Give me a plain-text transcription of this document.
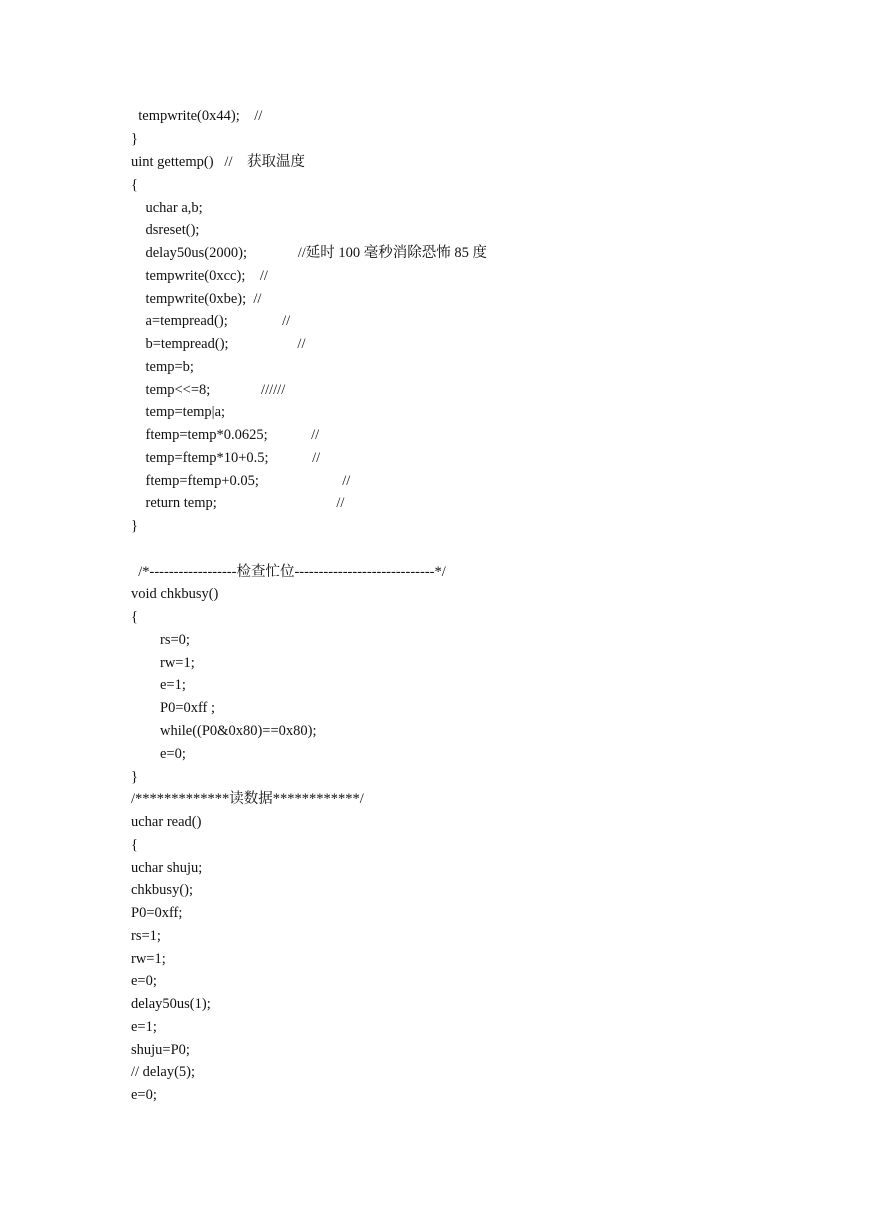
tempwrite(0x44);    //
}
uint gettemp()   //    获取温度
{
uchar a,b;
dsreset();
delay50us(2000);              //延时 100 毫秒消除恐怖 85 度
tempwrite(0xcc);    //
tempwrite(0xbe);  //
a=tempread();               //
b=tempread();                   //
temp=b;
temp<<=8;              //////
temp=temp|a;
ftemp=temp*0.0625;            //
temp=ftemp*10+0.5;            //
ftemp=ftemp+0.05;                       //
return temp;                                 //
}
/*------------------检查忙位-----------------------------*/
void chkbusy()
{
rs=0;
rw=1;
e=1;
P0=0xff ;
while((P0&0x80)==0x80);
e=0;
}
/*************读数据************/
uchar read()
{
uchar shuju;
chkbusy();
P0=0xff;
rs=1;
rw=1;
e=0;
delay50us(1);
e=1;
shuju=P0;
// delay(5);
e=0;
